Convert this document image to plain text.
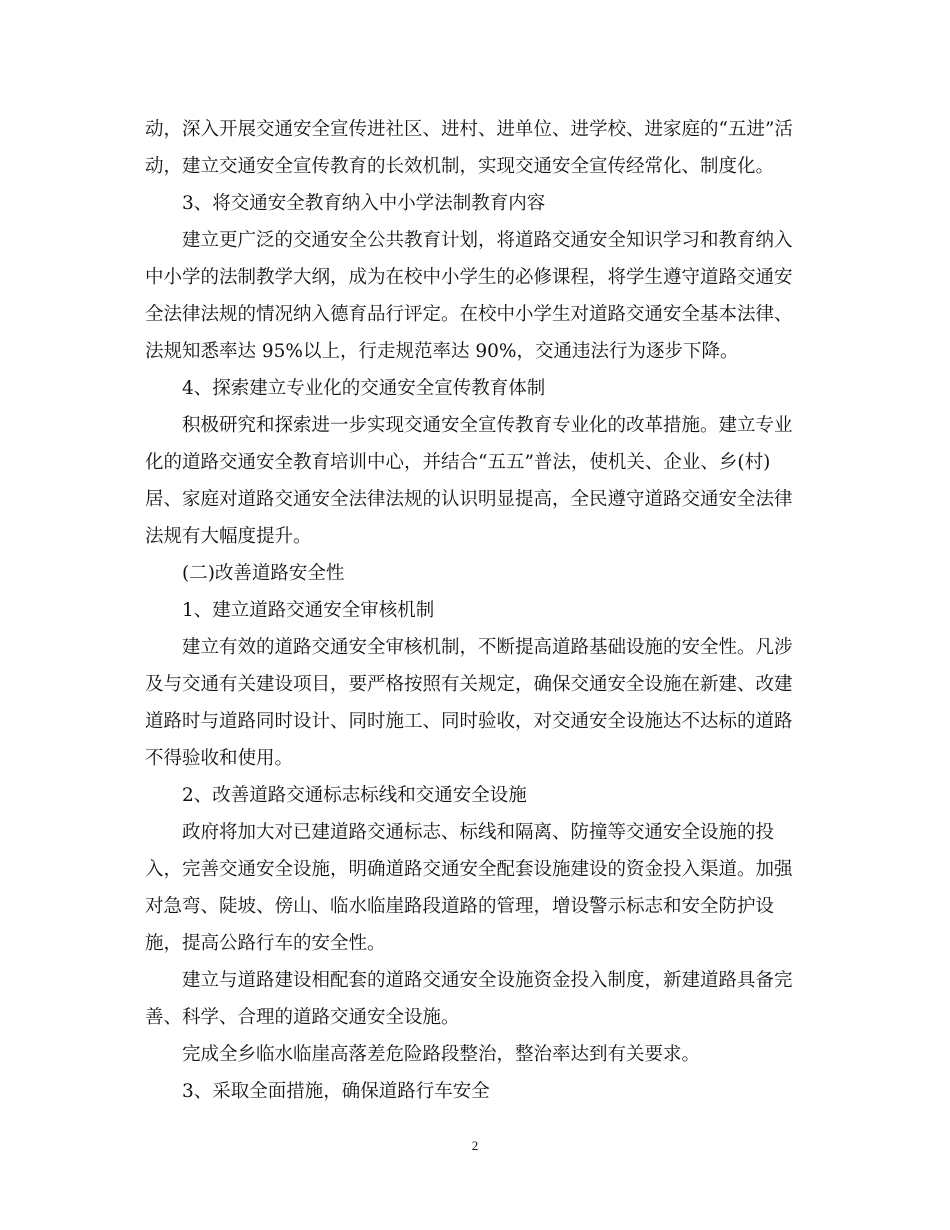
动，深入开展交通安全宣传进社区、进村、进单位、进学校、进家庭的“五进”活
动，建立交通安全宣传教育的长效机制，实现交通安全宣传经常化、制度化。
3、将交通安全教育纳入中小学法制教育内容
建立更广泛的交通安全公共教育计划，将道路交通安全知识学习和教育纳入
中小学的法制教学大纲，成为在校中小学生的必修课程，将学生遵守道路交通安
全法律法规的情况纳入德育品行评定。在校中小学生对道路交通安全基本法律、
法规知悉率达 95%以上，行走规范率达 90%，交通违法行为逐步下降。
4、探索建立专业化的交通安全宣传教育体制
积极研究和探索进一步实现交通安全宣传教育专业化的改革措施。建立专业
化的道路交通安全教育培训中心，并结合“五五”普法，使机关、企业、乡(村)
居、家庭对道路交通安全法律法规的认识明显提高，全民遵守道路交通安全法律
法规有大幅度提升。
(二)改善道路安全性
1、建立道路交通安全审核机制
建立有效的道路交通安全审核机制，不断提高道路基础设施的安全性。凡涉
及与交通有关建设项目，要严格按照有关规定，确保交通安全设施在新建、改建
道路时与道路同时设计、同时施工、同时验收，对交通安全设施达不达标的道路
不得验收和使用。
2、改善道路交通标志标线和交通安全设施
政府将加大对已建道路交通标志、标线和隔离、防撞等交通安全设施的投
入，完善交通安全设施，明确道路交通安全配套设施建设的资金投入渠道。加强
对急弯、陡坡、傍山、临水临崖路段道路的管理，增设警示标志和安全防护设
施，提高公路行车的安全性。
建立与道路建设相配套的道路交通安全设施资金投入制度，新建道路具备完
善、科学、合理的道路交通安全设施。
完成全乡临水临崖高落差危险路段整治，整治率达到有关要求。
3、采取全面措施，确保道路行车安全
2
